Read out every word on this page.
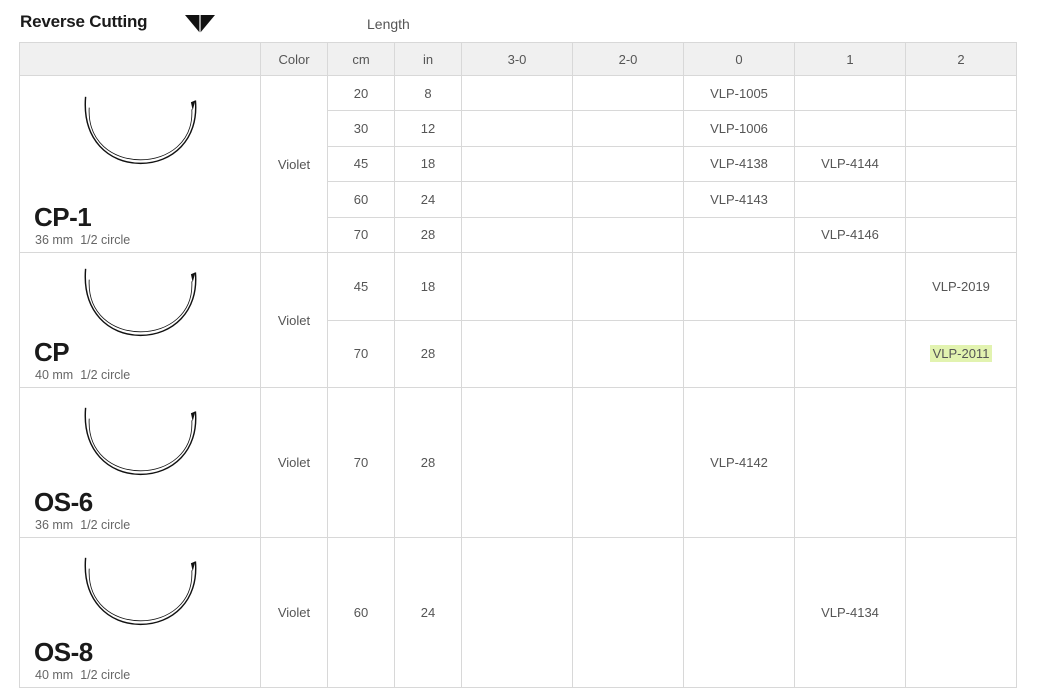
Reverse Cutting	Length
	Color	cm	in	3-0	2-0	0	1	2

CP-1
36 mm 1/2 circle	Violet	20	8			VLP-1005		
		30	12			VLP-1006		
		45	18			VLP-4138	VLP-4144	
		60	24			VLP-4143		
		70	28				VLP-4146	

CP
40 mm 1/2 circle	Violet	45	18					VLP-2019
		70	28					VLP-2011

OS-6
36 mm 1/2 circle	Violet	70	28			VLP-4142		

OS-8
40 mm 1/2 circle	Violet	60	24				VLP-4134	
